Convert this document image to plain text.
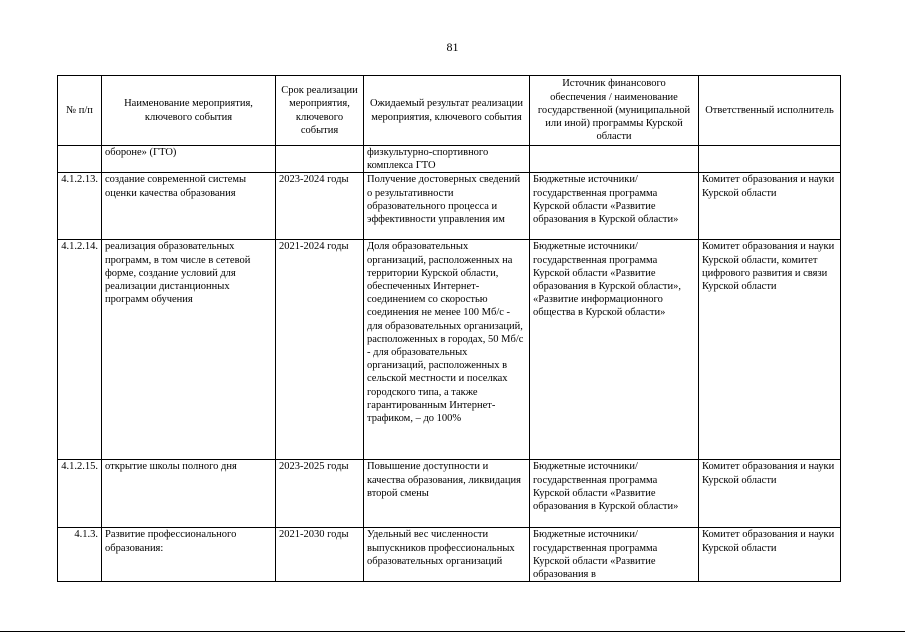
81
№ п/п	Наименование мероприятия, ключевого события	Срок реализации мероприятия, ключевого события	Ожидаемый результат реализации мероприятия, ключевого события	Источник финансового обеспечения / наименование государственной (муниципальной или иной) программы Курской области	Ответственный исполнитель
	обороне» (ГТО)		физкультурно-спортивного комплекса ГТО		
4.1.2.13.	создание современной системы оценки качества образования	2023-2024 годы	Получение достоверных сведений о результативности образовательного процесса и эффективности управления им	Бюджетные источники/государственная программа Курской области «Развитие образования в Курской области»	Комитет образования и науки Курской области
4.1.2.14.	реализация образовательных программ, в том числе в сетевой форме, создание условий для реализации дистанционных программ обучения	2021-2024 годы	Доля образовательных организаций, расположенных на территории Курской области, обеспеченных Интернет-соединением со скоростью соединения не менее 100 Мб/с - для образовательных организаций, расположенных в городах, 50 Мб/с - для образовательных организаций, расположенных в сельской местности и поселках городского типа, а также гарантированным Интернет-трафиком, – до 100%	Бюджетные источники/государственная программа Курской области «Развитие образования в Курской области», «Развитие информационного общества в Курской области»	Комитет образования и науки Курской области, комитет цифрового развития и связи Курской области
4.1.2.15.	открытие школы полного дня	2023-2025 годы	Повышение доступности и качества образования, ликвидация второй смены	Бюджетные источники/государственная программа Курской области «Развитие образования в Курской области»	Комитет образования и науки Курской области
4.1.3.	Развитие профессионального образования:	2021-2030 годы	Удельный вес численности выпускников профессиональных образовательных организаций	Бюджетные источники/государственная программа Курской области «Развитие образования в	Комитет образования и науки Курской области
